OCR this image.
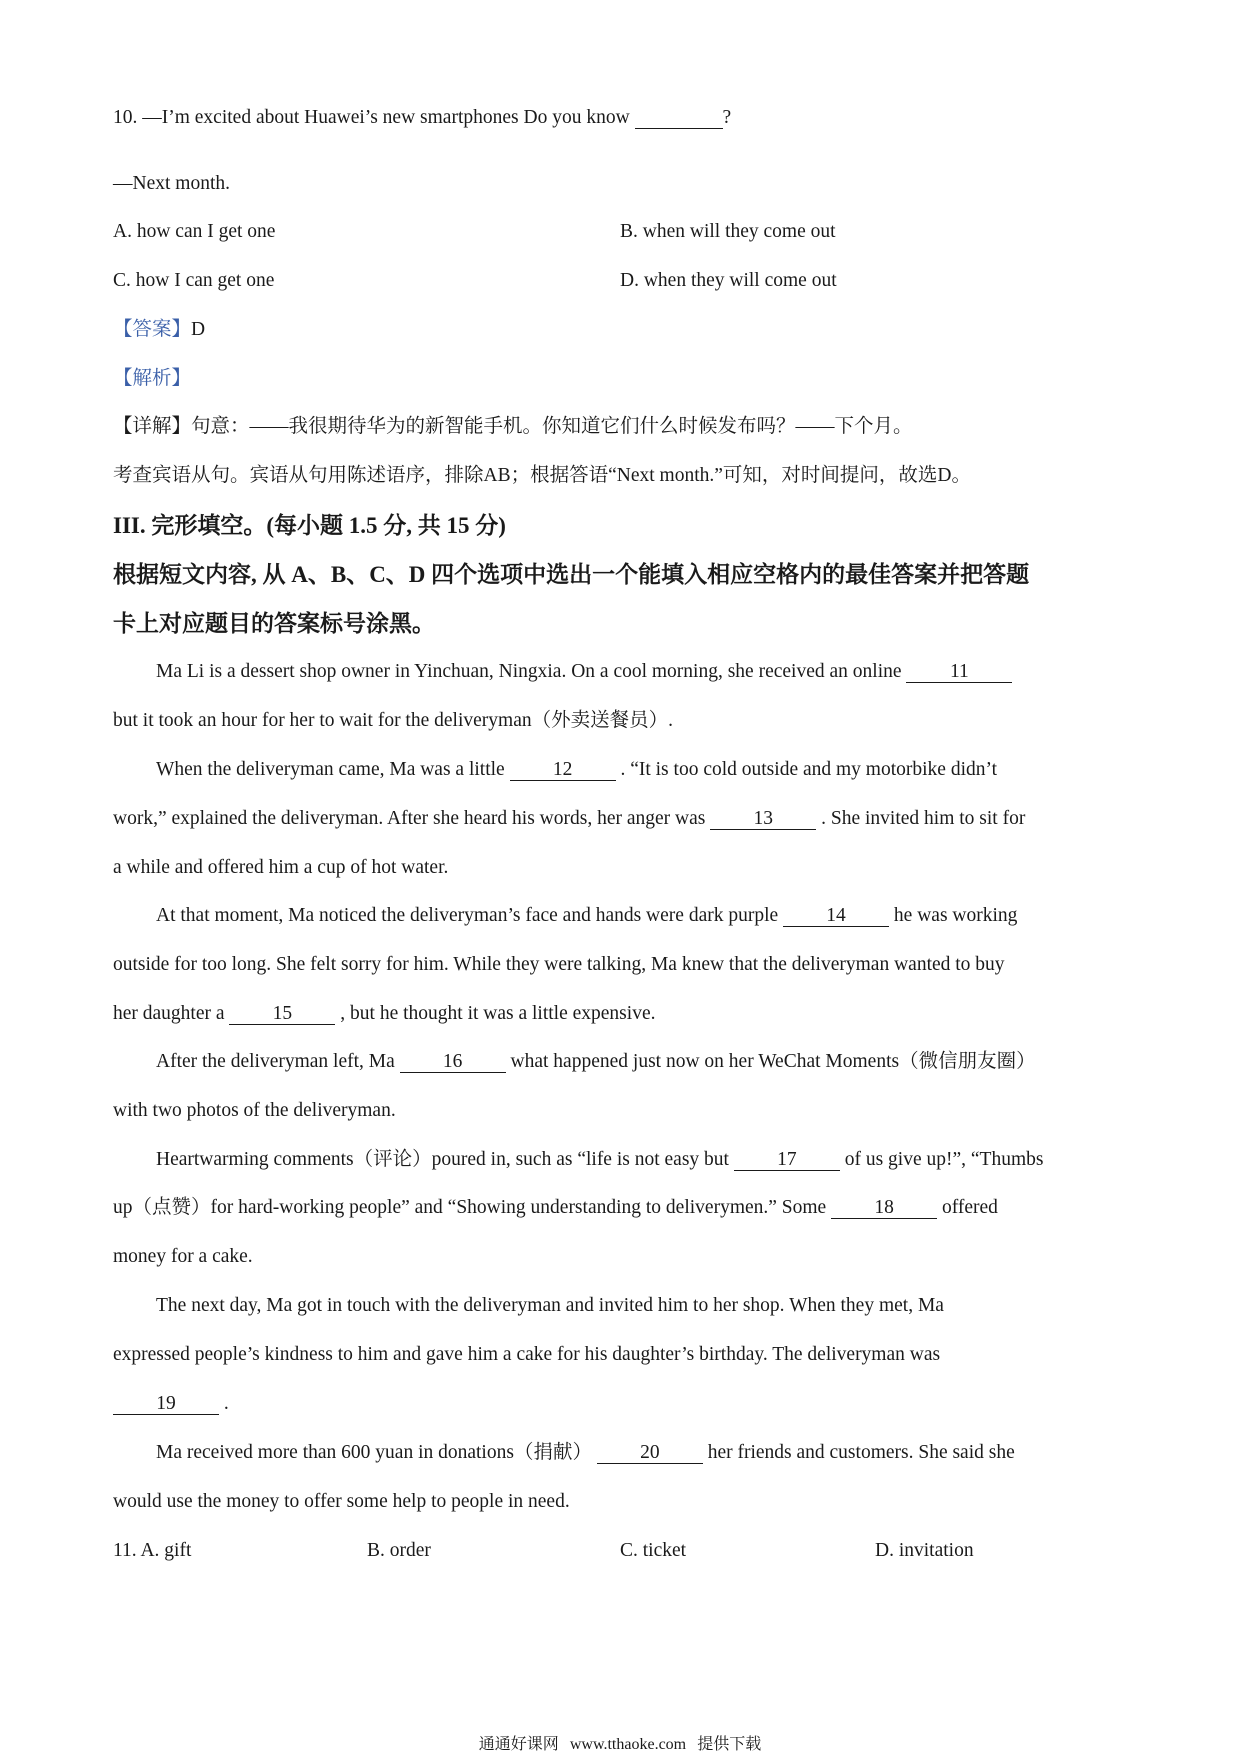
10. —I’m excited about Huawei’s new smartphones Do you know	?
—Next month.
A. how can I get one	B. when will they come out
C. how I can get one	D. when they will come out
【答案】D
【解析】
【详解】句意：——我很期待华为的新智能手机。你知道它们什么时候发布吗？——下个月。
考查宾语从句。宾语从句用陈述语序，排除AB；根据答语“Next month.”可知，对时间提问，故选D。
III. 完形填空。(每小题 1.5 分, 共 15 分)
根据短文内容, 从 A、B、C、D 四个选项中选出一个能填入相应空格内的最佳答案并把答题
卡上对应题目的答案标号涂黑。
Ma Li is a dessert shop owner in Yinchuan, Ningxia. On a cool morning, she received an online 11
but it took an hour for her to wait for the deliveryman（外卖送餐员）.
When the deliveryman came, Ma was a little 12 . “It is too cold outside and my motorbike didn’t
work,” explained the deliveryman. After she heard his words, her anger was 13 . She invited him to sit for
a while and offered him a cup of hot water.
At that moment, Ma noticed the deliveryman’s face and hands were dark purple 14 he was working
outside for too long. She felt sorry for him. While they were talking, Ma knew that the deliveryman wanted to buy
her daughter a 15 , but he thought it was a little expensive.
After the deliveryman left, Ma 16 what happened just now on her WeChat Moments（微信朋友圈）
with two photos of the deliveryman.
Heartwarming comments（评论）poured in, such as “life is not easy but 17 of us give up!”, “Thumbs
up（点赞）for hard-working people” and “Showing understanding to deliverymen.” Some 18 offered
money for a cake.
The next day, Ma got in touch with the deliveryman and invited him to her shop. When they met, Ma
expressed people’s kindness to him and gave him a cake for his daughter’s birthday. The deliveryman was
19 .
Ma received more than 600 yuan in donations（捐献） 20 her friends and customers. She said she
would use the money to offer some help to people in need.
11. A. gift	B. order	C. ticket	D. invitation
通通好课网 www.tthaoke.com 提供下载
